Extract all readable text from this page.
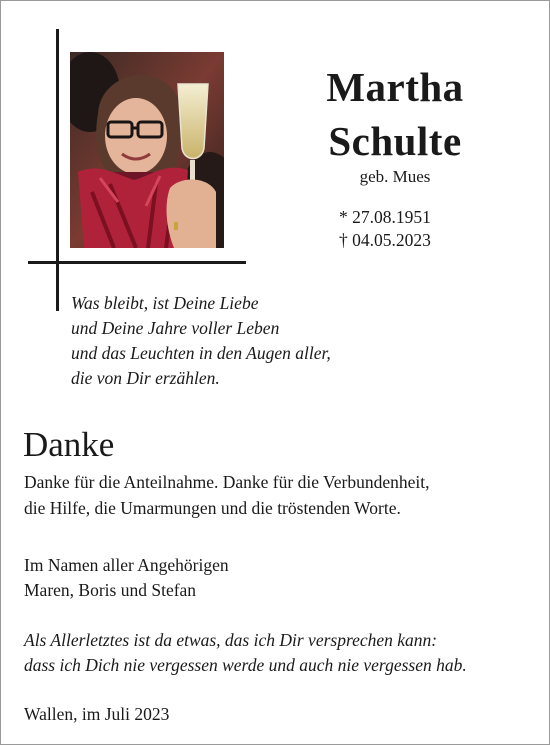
Martha
Schulte
geb. Mues
* 27.08.1951
† 04.05.2023
Was bleibt, ist Deine Liebe
und Deine Jahre voller Leben
und das Leuchten in den Augen aller,
die von Dir erzählen.
Danke
Danke für die Anteilnahme. Danke für die Verbundenheit,
die Hilfe, die Umarmungen und die tröstenden Worte.
Im Namen aller Angehörigen
Maren, Boris und Stefan
Als Allerletztes ist da etwas, das ich Dir versprechen kann:
dass ich Dich nie vergessen werde und auch nie vergessen hab.
Wallen, im Juli 2023
